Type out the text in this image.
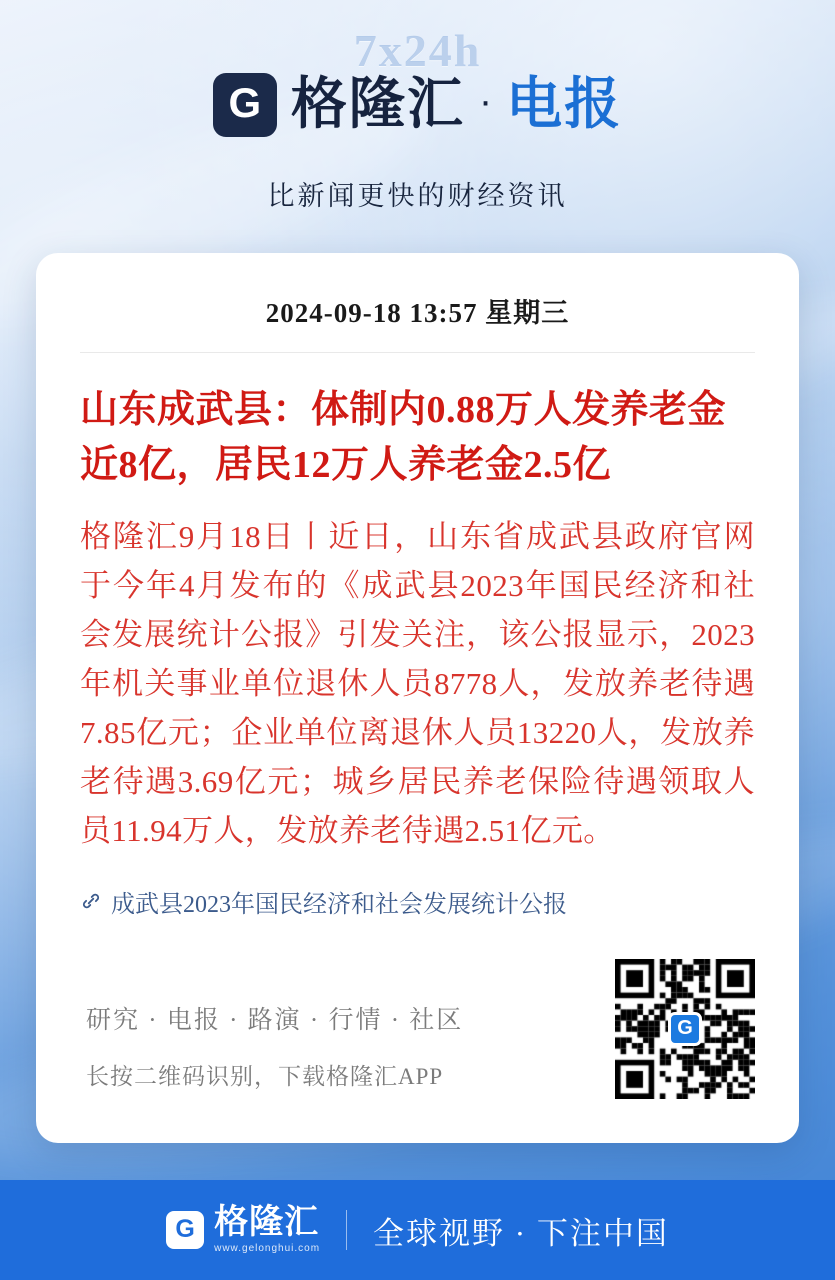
7x24h
G 格隆汇 · 电报
比新闻更快的财经资讯
2024-09-18 13:57 星期三
山东成武县：体制内0.88万人发养老金近8亿，居民12万人养老金2.5亿
格隆汇9月18日丨近日，山东省成武县政府官网于今年4月发布的《成武县2023年国民经济和社会发展统计公报》引发关注，该公报显示，2023年机关事业单位退休人员8778人，发放养老待遇7.85亿元；企业单位离退休人员13220人，发放养老待遇3.69亿元；城乡居民养老保险待遇领取人员11.94万人，发放养老待遇2.51亿元。
成武县2023年国民经济和社会发展统计公报
研究 · 电报 · 路演 · 行情 · 社区
长按二维码识别，下载格隆汇APP
G
G 格隆汇
www.gelonghui.com 全球视野 · 下注中国
